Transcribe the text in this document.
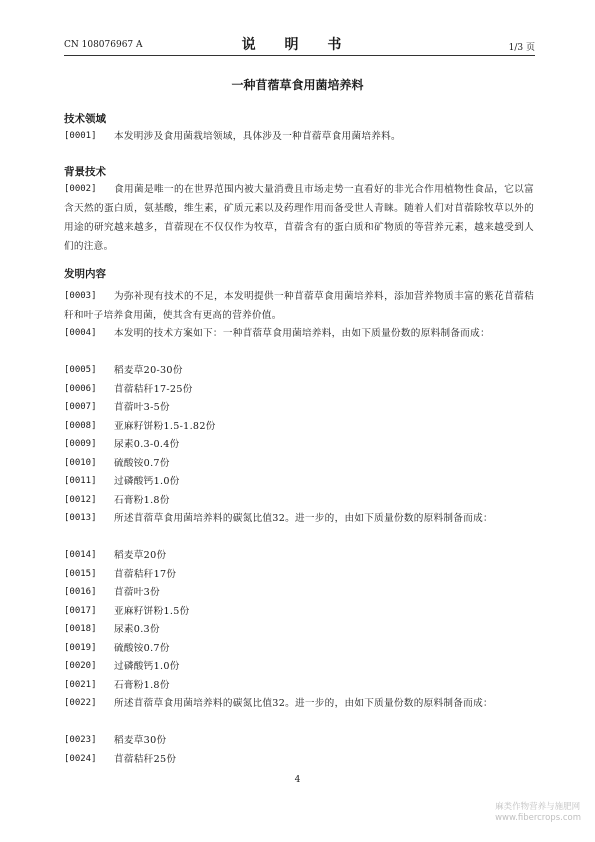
CN 108076967 A	说 明 书	1/3 页
一种苜蓿草食用菌培养料
技术领域
[0001]	本发明涉及食用菌栽培领域，具体涉及一种苜蓿草食用菌培养料。
背景技术
[0002]	食用菌是唯一的在世界范围内被大量消费且市场走势一直看好的非光合作用植物性食品，它以富含天然的蛋白质，氨基酸，维生素，矿质元素以及药理作用而备受世人青睐。随着人们对苜蓿除牧草以外的用途的研究越来越多，苜蓿现在不仅仅作为牧草，苜蓿含有的蛋白质和矿物质的等营养元素，越来越受到人们的注意。
发明内容
[0003]	为弥补现有技术的不足，本发明提供一种苜蓿草食用菌培养料，添加营养物质丰富的紫花苜蓿秸秆和叶子培养食用菌，使其含有更高的营养价值。
[0004]	本发明的技术方案如下：一种苜蓿草食用菌培养料，由如下质量份数的原料制备而成：
[0005]	稻麦草20-30份
[0006]	苜蓿秸秆17-25份
[0007]	苜蓿叶3-5份
[0008]	亚麻籽饼粉1.5-1.82份
[0009]	尿素0.3-0.4份
[0010]	硫酸铵0.7份
[0011]	过磷酸钙1.0份
[0012]	石膏粉1.8份
[0013]	所述苜蓿草食用菌培养料的碳氮比值32。进一步的，由如下质量份数的原料制备而成：
[0014]	稻麦草20份
[0015]	苜蓿秸秆17份
[0016]	苜蓿叶3份
[0017]	亚麻籽饼粉1.5份
[0018]	尿素0.3份
[0019]	硫酸铵0.7份
[0020]	过磷酸钙1.0份
[0021]	石膏粉1.8份
[0022]	所述苜蓿草食用菌培养料的碳氮比值32。进一步的，由如下质量份数的原料制备而成：
[0023]	稻麦草30份
[0024]	苜蓿秸秆25份
4
麻类作物营养与施肥网
www.fibercrops.com
